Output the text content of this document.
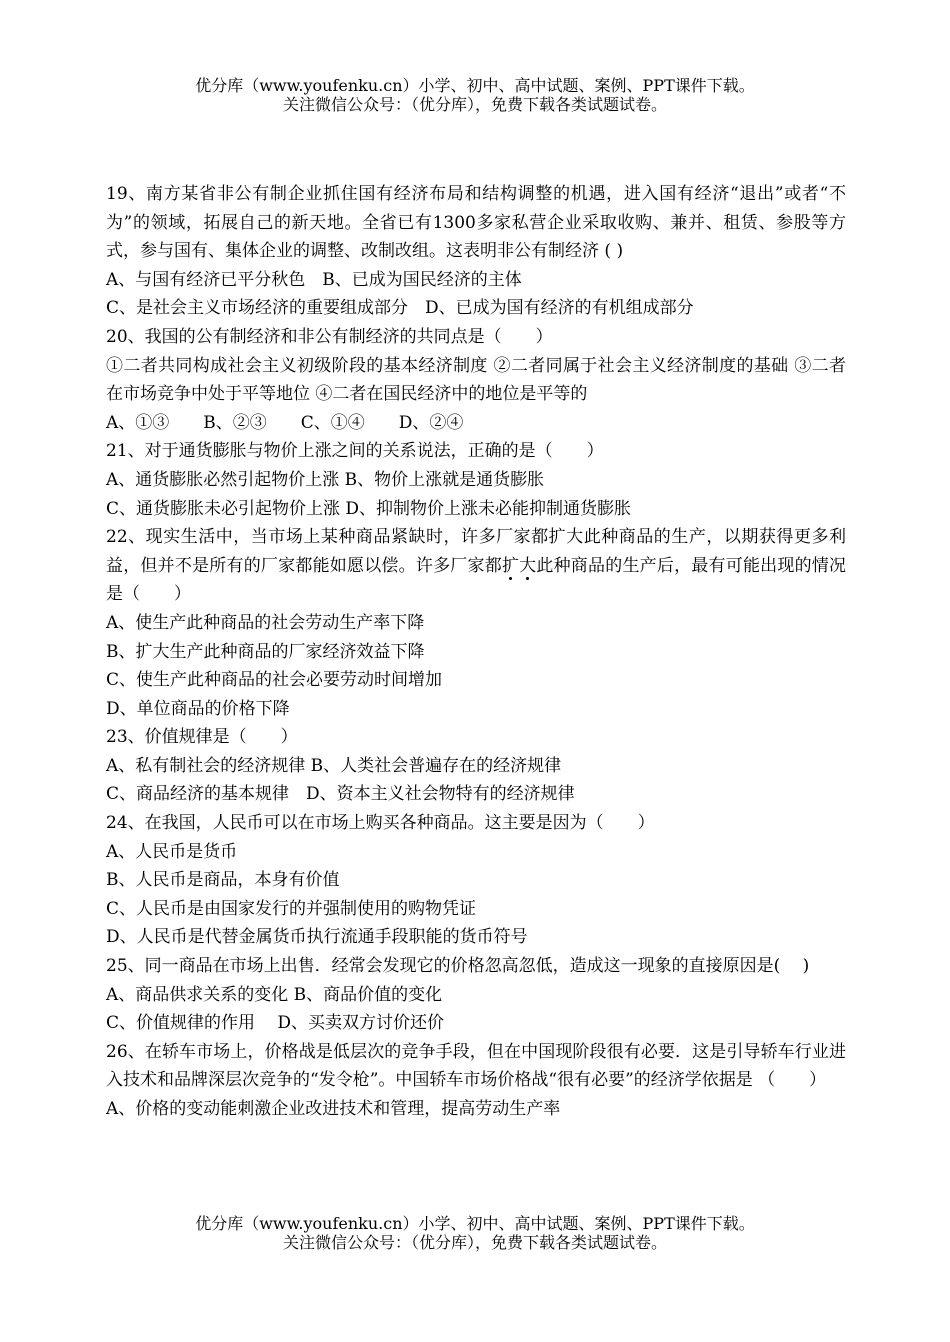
优分库（www.youfenku.cn）小学、初中、高中试题、案例、PPT课件下载。
关注微信公众号：（优分库），免费下载各类试题试卷。

19、南方某省非公有制企业抓住国有经济布局和结构调整的机遇，进入国有经济“退出”或者“不为”的领域，拓展自己的新天地。全省已有1300多家私营企业采取收购、兼并、租赁、参股等方式，参与国有、集体企业的调整、改制改组。这表明非公有制经济 ( )

A、与国有经济已平分秋色　B、已成为国民经济的主体

C、是社会主义市场经济的重要组成部分　D、已成为国有经济的有机组成部分

20、我国的公有制经济和非公有制经济的共同点是（　　）

①二者共同构成社会主义初级阶段的基本经济制度 ②二者同属于社会主义经济制度的基础 ③二者在市场竞争中处于平等地位 ④二者在国民经济中的地位是平等的

A、①③　　B、②③　　C、①④　　D、②④

21、对于通货膨胀与物价上涨之间的关系说法，正确的是（　　）

A、通货膨胀必然引起物价上涨 B、物价上涨就是通货膨胀

C、通货膨胀未必引起物价上涨 D、抑制物价上涨未必能抑制通货膨胀

22、现实生活中，当市场上某种商品紧缺时，许多厂家都扩大此种商品的生产，以期获得更多利益，但并不是所有的厂家都能如愿以偿。许多厂家都扩大此种商品的生产后，最有可能出现的情况是（　　）

A、使生产此种商品的社会劳动生产率下降

B、扩大生产此种商品的厂家经济效益下降

C、使生产此种商品的社会必要劳动时间增加

D、单位商品的价格下降

23、价值规律是（　　）

A、私有制社会的经济规律 B、人类社会普遍存在的经济规律

C、商品经济的基本规律　D、资本主义社会物特有的经济规律

24、在我国，人民币可以在市场上购买各种商品。这主要是因为（　　）

A、人民币是货币

B、人民币是商品，本身有价值

C、人民币是由国家发行的并强制使用的购物凭证

D、人民币是代替金属货币执行流通手段职能的货币符号

25、同一商品在市场上出售．经常会发现它的价格忽高忽低，造成这一现象的直接原因是(　 )

A、商品供求关系的变化 B、商品价值的变化

C、价值规律的作用　 D、买卖双方讨价还价

26、在轿车市场上，价格战是低层次的竞争手段，但在中国现阶段很有必要．这是引导轿车行业进入技术和品牌深层次竞争的“发令枪”。中国轿车市场价格战“很有必要”的经济学依据是 （　　）

A、价格的变动能刺激企业改进技术和管理，提高劳动生产率

优分库（www.youfenku.cn）小学、初中、高中试题、案例、PPT课件下载。
关注微信公众号：（优分库），免费下载各类试题试卷。
